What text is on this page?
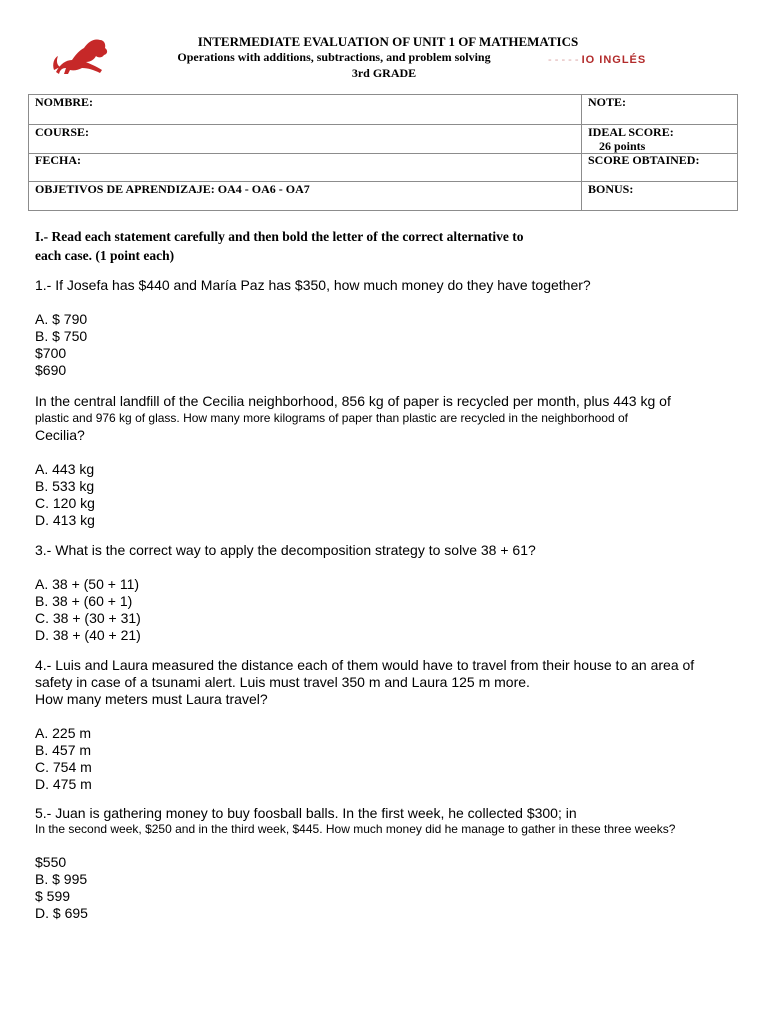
INTERMEDIATE EVALUATION OF UNIT 1 OF MATHEMATICS
Operations with additions, subtractions, and problem solving
3rd GRADE
- - - - - IO INGLÉS
NOMBRE:	NOTE:
COURSE:	IDEAL SCORE:
26 points

FECHA:	SCORE OBTAINED:
OBJETIVOS DE APRENDIZAJE: OA4 - OA6 - OA7	BONUS:
I.- Read each statement carefully and then bold the letter of the correct alternative to
each case. (1 point each)
1.- If Josefa has $440 and María Paz has $350, how much money do they have together?
A. $ 790
B. $ 750
$700
$690
In the central landfill of the Cecilia neighborhood, 856 kg of paper is recycled per month, plus 443 kg of
plastic and 976 kg of glass. How many more kilograms of paper than plastic are recycled in the neighborhood of
Cecilia?
A. 443 kg
B. 533 kg
C. 120 kg
D. 413 kg
3.- What is the correct way to apply the decomposition strategy to solve 38 + 61?
A. 38 + (50 + 11)
B. 38 + (60 + 1)
C. 38 + (30 + 31)
D. 38 + (40 + 21)
4.- Luis and Laura measured the distance each of them would have to travel from their house to an area of
safety in case of a tsunami alert. Luis must travel 350 m and Laura 125 m more.
How many meters must Laura travel?
A. 225 m
B. 457 m
C. 754 m
D. 475 m
5.- Juan is gathering money to buy foosball balls. In the first week, he collected $300; in
In the second week, $250 and in the third week, $445. How much money did he manage to gather in these three weeks?
$550
B. $ 995
$ 599
D. $ 695
